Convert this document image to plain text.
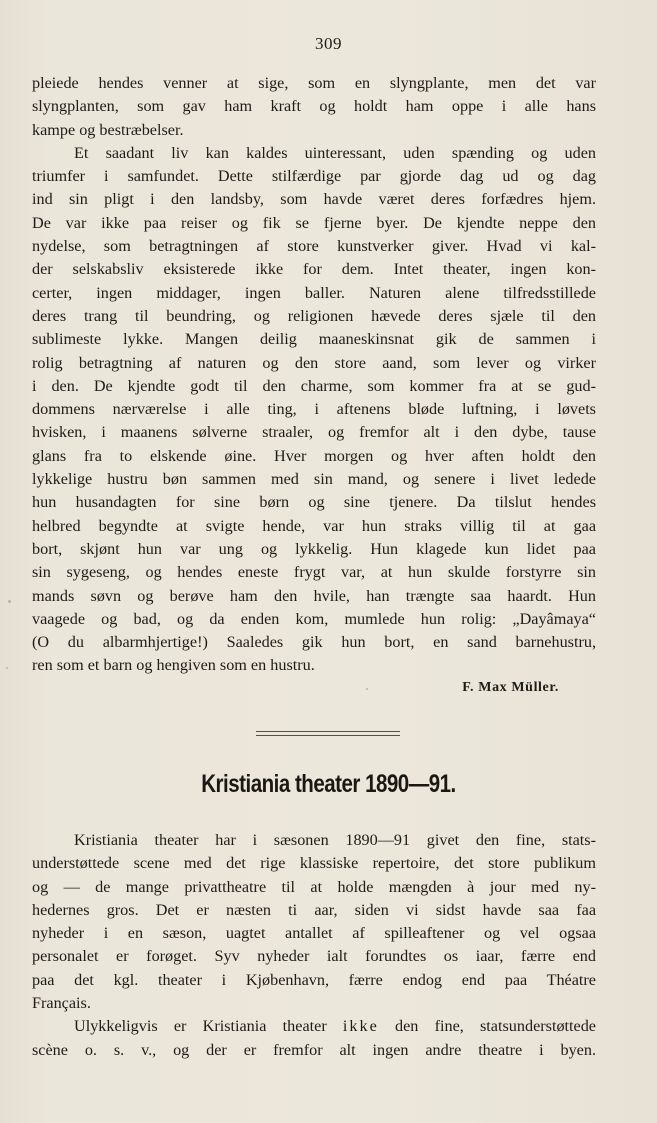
309
pleiede hendes venner at sige, som en slyngplante, men det var
slyngplanten, som gav ham kraft og holdt ham oppe i alle hans
kampe og bestræbelser.
Et saadant liv kan kaldes uinteressant, uden spænding og uden
triumfer i samfundet. Dette stilfærdige par gjorde dag ud og dag
ind sin pligt i den landsby, som havde været deres forfædres hjem.
De var ikke paa reiser og fik se fjerne byer. De kjendte neppe den
nydelse, som betragtningen af store kunstverker giver. Hvad vi kal-
der selskabsliv eksisterede ikke for dem. Intet theater, ingen kon-
certer, ingen middager, ingen baller. Naturen alene tilfredsstillede
deres trang til beundring, og religionen hævede deres sjæle til den
sublimeste lykke. Mangen deilig maaneskinsnat gik de sammen i
rolig betragtning af naturen og den store aand, som lever og virker
i den. De kjendte godt til den charme, som kommer fra at se gud-
dommens nærværelse i alle ting, i aftenens bløde luftning, i løvets
hvisken, i maanens sølverne straaler, og fremfor alt i den dybe, tause
glans fra to elskende øine. Hver morgen og hver aften holdt den
lykkelige hustru bøn sammen med sin mand, og senere i livet ledede
hun husandagten for sine børn og sine tjenere. Da tilslut hendes
helbred begyndte at svigte hende, var hun straks villig til at gaa
bort, skjønt hun var ung og lykkelig. Hun klagede kun lidet paa
sin sygeseng, og hendes eneste frygt var, at hun skulde forstyrre sin
mands søvn og berøve ham den hvile, han trængte saa haardt. Hun
vaagede og bad, og da enden kom, mumlede hun rolig: „Dayâmaya“
(O du albarmhjertige!) Saaledes gik hun bort, en sand barnehustru,
ren som et barn og hengiven som en hustru.
F. Max Müller.
Kristiania theater 1890—91.
Kristiania theater har i sæsonen 1890—91 givet den fine, stats-
understøttede scene med det rige klassiske repertoire, det store publikum
og — de mange privattheatre til at holde mængden à jour med ny-
hedernes gros. Det er næsten ti aar, siden vi sidst havde saa faa
nyheder i en sæson, uagtet antallet af spilleaftener og vel ogsaa
personalet er forøget. Syv nyheder ialt forundtes os iaar, færre end
paa det kgl. theater i Kjøbenhavn, færre endog end paa Théatre
Français.
Ulykkeligvis er Kristiania theater ikke den fine, statsunderstøttede
scène o. s. v., og der er fremfor alt ingen andre theatre i byen.
